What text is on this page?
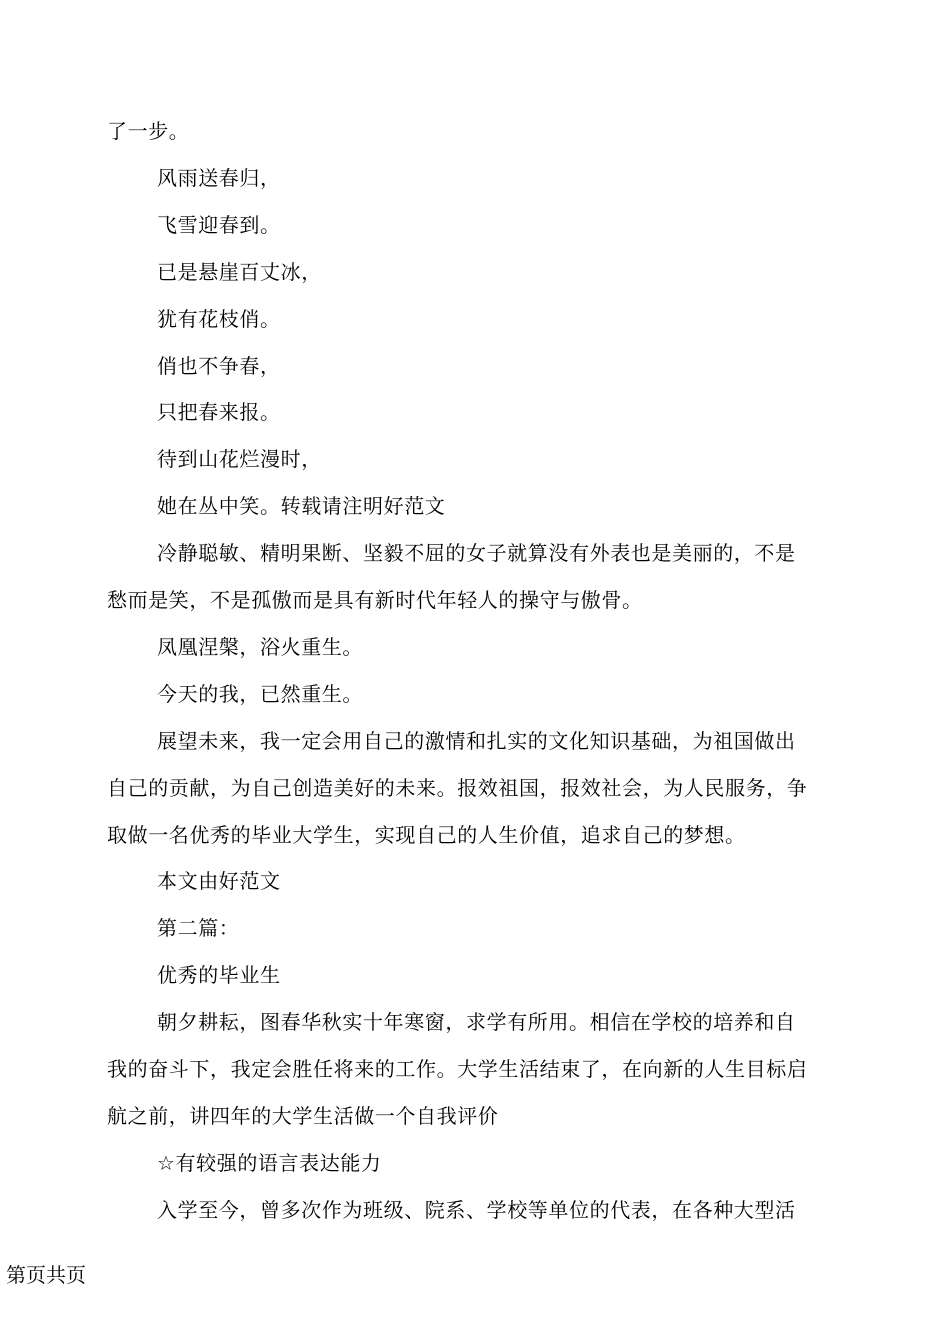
了一步。
风雨送春归，
飞雪迎春到。
已是悬崖百丈冰，
犹有花枝俏。
俏也不争春，
只把春来报。
待到山花烂漫时，
她在丛中笑。转载请注明好范文
冷静聪敏、精明果断、坚毅不屈的女子就算没有外表也是美丽的，不是
愁而是笑，不是孤傲而是具有新时代年轻人的操守与傲骨。
凤凰涅槃，浴火重生。
今天的我，已然重生。
展望未来，我一定会用自己的激情和扎实的文化知识基础，为祖国做出
自己的贡献，为自己创造美好的未来。报效祖国，报效社会，为人民服务，争
取做一名优秀的毕业大学生，实现自己的人生价值，追求自己的梦想。
本文由好范文
第二篇：
优秀的毕业生
朝夕耕耘，图春华秋实十年寒窗，求学有所用。相信在学校的培养和自
我的奋斗下，我定会胜任将来的工作。大学生活结束了，在向新的人生目标启
航之前，讲四年的大学生活做一个自我评价
☆有较强的语言表达能力
入学至今，曾多次作为班级、院系、学校等单位的代表，在各种大型活
第页共页
